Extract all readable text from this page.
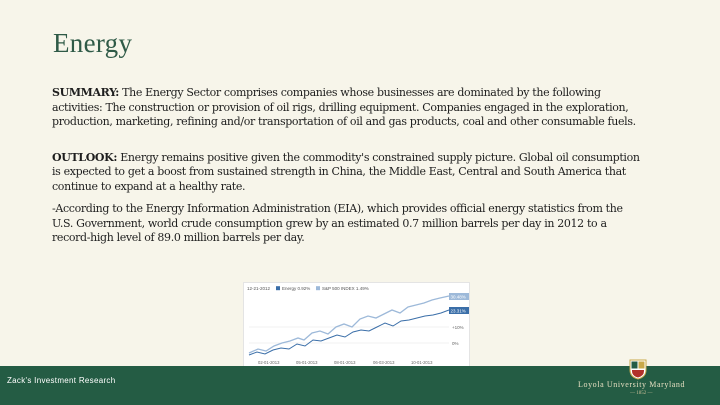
Energy

SUMMARY: The Energy Sector comprises companies whose businesses are dominated by the following activities: The construction or provision of oil rigs, drilling equipment. Companies engaged in the exploration, production, marketing, refining and/or transportation of oil and gas products, coal and other consumable fuels.

OUTLOOK: Energy remains positive given the commodity's constrained supply picture. Global oil consumption is expected to get a boost from sustained strength in China, the Middle East, Central and South America that continue to expand at a healthy rate.

-According to the Energy Information Administration (EIA), which provides official energy statistics from the U.S. Government, world crude consumption grew by an estimated 0.7 million barrels per day in 2012 to a record-high level of 89.0 million barrels per day.

12-21-2012	Energy 0.92%	S&P 500 INDEX 1.49%
30.48%
23.31%
+10%
0%
02-01-2013	05-01-2013	08-01-2013	06-03-2013	10-01-2013
Zack's Investment Research	Loyola University Maryland
— 1852 —
